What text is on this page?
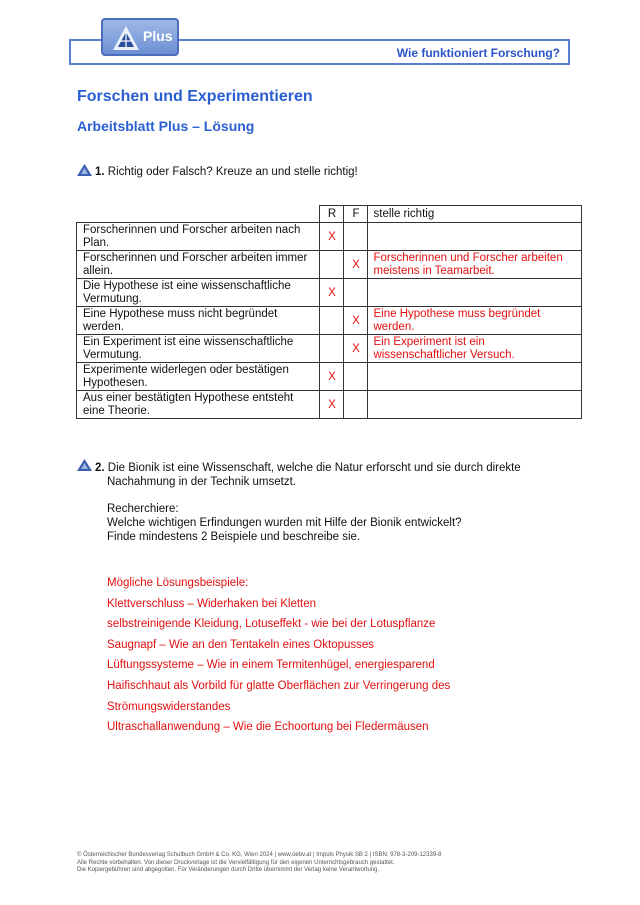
Wie funktioniert Forschung?
Plus
Forschen und Experimentieren
Arbeitsblatt Plus – Lösung
1. Richtig oder Falsch? Kreuze an und stelle richtig!
	R	F	stelle richtig
Forscherinnen und Forscher arbeiten nach Plan.	X		
Forscherinnen und Forscher arbeiten immer allein.		X	Forscherinnen und Forscher arbeiten meistens in Teamarbeit.
Die Hypothese ist eine wissenschaftliche Vermutung.	X		
Eine Hypothese muss nicht begründet werden.		X	Eine Hypothese muss begründet werden.
Ein Experiment ist eine wissenschaftliche Vermutung.		X	Ein Experiment ist ein wissenschaftlicher Versuch.
Experimente widerlegen oder bestätigen Hypothesen.	X		
Aus einer bestätigten Hypothese entsteht eine Theorie.	X		
2. Die Bionik ist eine Wissenschaft, welche die Natur erforscht und sie durch direkte
Nachahmung in der Technik umsetzt.
Recherchiere:
Welche wichtigen Erfindungen wurden mit Hilfe der Bionik entwickelt?
Finde mindestens 2 Beispiele und beschreibe sie.
Mögliche Lösungsbeispiele:
Klettverschluss – Widerhaken bei Kletten
selbstreinigende Kleidung, Lotuseffekt - wie bei der Lotuspflanze
Saugnapf – Wie an den Tentakeln eines Oktopusses
Lüftungssysteme – Wie in einem Termitenhügel, energiesparend
Haifischhaut als Vorbild für glatte Oberflächen zur Verringerung des
Strömungswiderstandes
Ultraschallanwendung – Wie die Echoortung bei Fledermäusen
© Österreichischer Bundesverlag Schulbuch GmbH & Co. KG, Wien 2024 | www.oebv.at | Impuls Physik SB 2 | ISBN: 978-3-209-12339-8
Alle Rechte vorbehalten. Von dieser Druckvorlage ist die Vervielfältigung für den eigenen Unterrichtsgebrauch gestattet.
Die Kopiergebühren sind abgegolten. Für Veränderungen durch Dritte übernimmt der Verlag keine Verantwortung.
